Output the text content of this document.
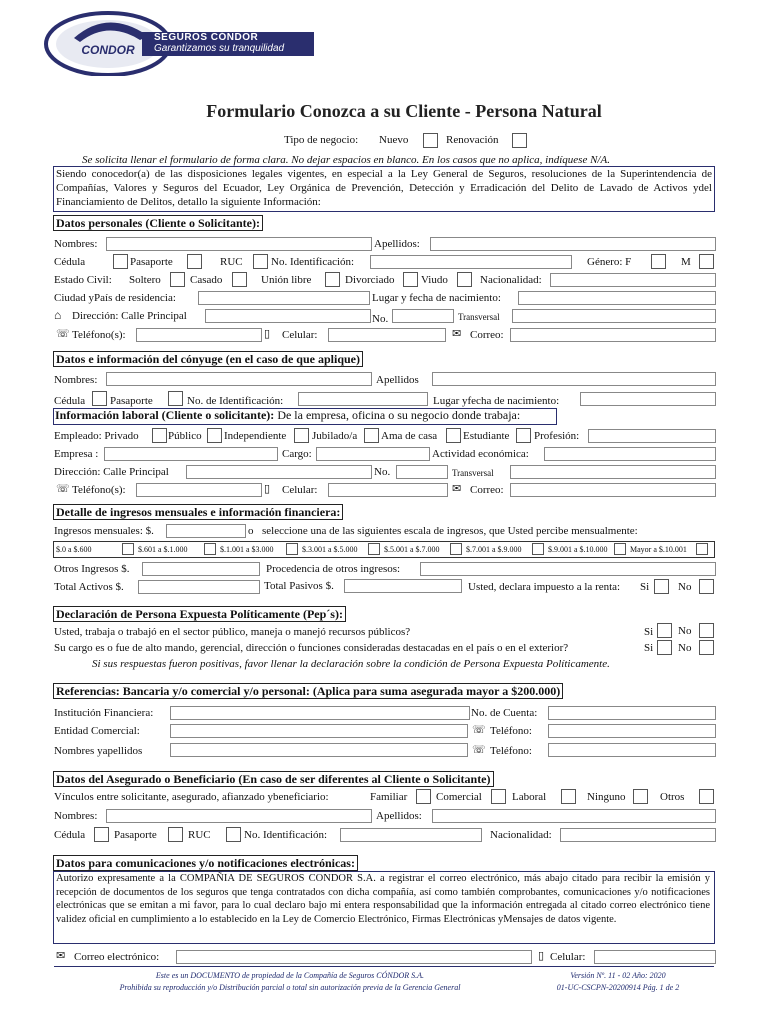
CONDOR
SEGUROS CÓNDOR
Garantizamos su tranquilidad
Formulario Conozca a su Cliente - Persona Natural
Tipo de negocio: Nuevo	Renovación
Se solicita llenar el formulario de forma clara. No dejar espacios en blanco. En los casos que no aplica, indíquese N/A.
Siendo conocedor(a) de las disposiciones legales vigentes, en especial a la Ley General de Seguros, resoluciones de la Superintendencia de Compañías, Valores y Seguros del Ecuador, Ley Orgánica de Prevención, Detección y Erradicación del Delito de Lavado de Activos ydel Financiamiento de Delitos, detallo la siguiente Información:
Datos personales (Cliente o Solicitante):
Nombres:	Apellidos:
Cédula	Pasaporte	RUC	No. Identificación:	Género: F	M
Estado Civil: Soltero	Casado	Unión libre	Divorciado Viudo	Nacionalidad:
Ciudad yPaís de residencia:	Lugar y fecha de nacimiento:
⌂ Dirección: Calle Principal	No.	Transversal
☏ Teléfono(s):	▯ Celular:	✉ Correo:
Datos e información del cónyuge (en el caso de que aplique)
Nombres:	Apellidos
Cédula Pasaporte	No. de Identificación:	Lugar yfecha de nacimiento:
Información laboral (Cliente o solicitante): De la empresa, oficina o su negocio donde trabaja:
Empleado: Privado	Público Independiente Jubilado/a Ama de casa Estudiante Profesión:
Empresa :	Cargo:	Actividad económica:
Dirección: Calle Principal	No.	Transversal
☏ Teléfono(s):	▯ Celular:	✉ Correo:
Detalle de ingresos mensuales e información financiera:
Ingresos mensuales: $.	o seleccione una de las siguientes escala de ingresos, que Usted percibe mensualmente:
$.0 a $.600	$.601 a $.1.000	$.1.001 a $3.000	$.3.001 a $.5.000	$.5.001 a $.7.000	$.7.001 a $.9.000	$.9.001 a $.10.000	Mayor a $.10.001
Otros Ingresos $.	Procedencia de otros ingresos:
Total Activos $.	Total Pasivos $.	Usted, declara impuesto a la renta: Si	No
Declaración de Persona Expuesta Políticamente (Pep´s):
Usted, trabaja o trabajó en el sector público, maneja o manejó recursos públicos?	Si No
Su cargo es o fue de alto mando, gerencial, dirección o funciones consideradas destacadas en el país o en el exterior?	Si No
Si sus respuestas fueron positivas, favor llenar la declaración sobre la condición de Persona Expuesta Políticamente.
Referencias: Bancaria y/o comercial y/o personal: (Aplica para suma asegurada mayor a $200.000)
Institución Financiera:	No. de Cuenta:
Entidad Comercial:	☏ Teléfono:
Nombres yapellidos	☏ Teléfono:
Datos del Asegurado o Beneficiario (En caso de ser diferentes al Cliente o Solicitante)
Vínculos entre solicitante, asegurado, afianzado ybeneficiario:	Familiar	Comercial	Laboral	Ninguno	Otros
Nombres:	Apellidos:
Cédula	Pasaporte	RUC	No. Identificación:	Nacionalidad:
Datos para comunicaciones y/o notificaciones electrónicas:
Autorizo expresamente a la COMPAÑIA DE SEGUROS CONDOR S.A. a registrar el correo electrónico, más abajo citado para recibir la emisión y recepción de documentos de los seguros que tenga contratados con dicha compañía, así como también comprobantes, comunicaciones y/o notificaciones electrónicas que se emitan a mi favor, para lo cual declaro bajo mi entera responsabilidad que la información entregada al citado correo electrónico tiene validez oficial en cumplimiento a lo establecido en la Ley de Comercio Electrónico, Firmas Electrónicas yMensajes de datos vigente.
✉ Correo electrónico:	▯ Celular:
Este es un DOCUMENTO de propiedad de la Compañía de Seguros CÓNDOR S.A.
Prohibida su reproducción y/o Distribución parcial o total sin autorización previa de la Gerencia General
Versión Nº. 11 - 02 Año: 2020
01-UC-CSCPN-20200914 Pág. 1 de 2
